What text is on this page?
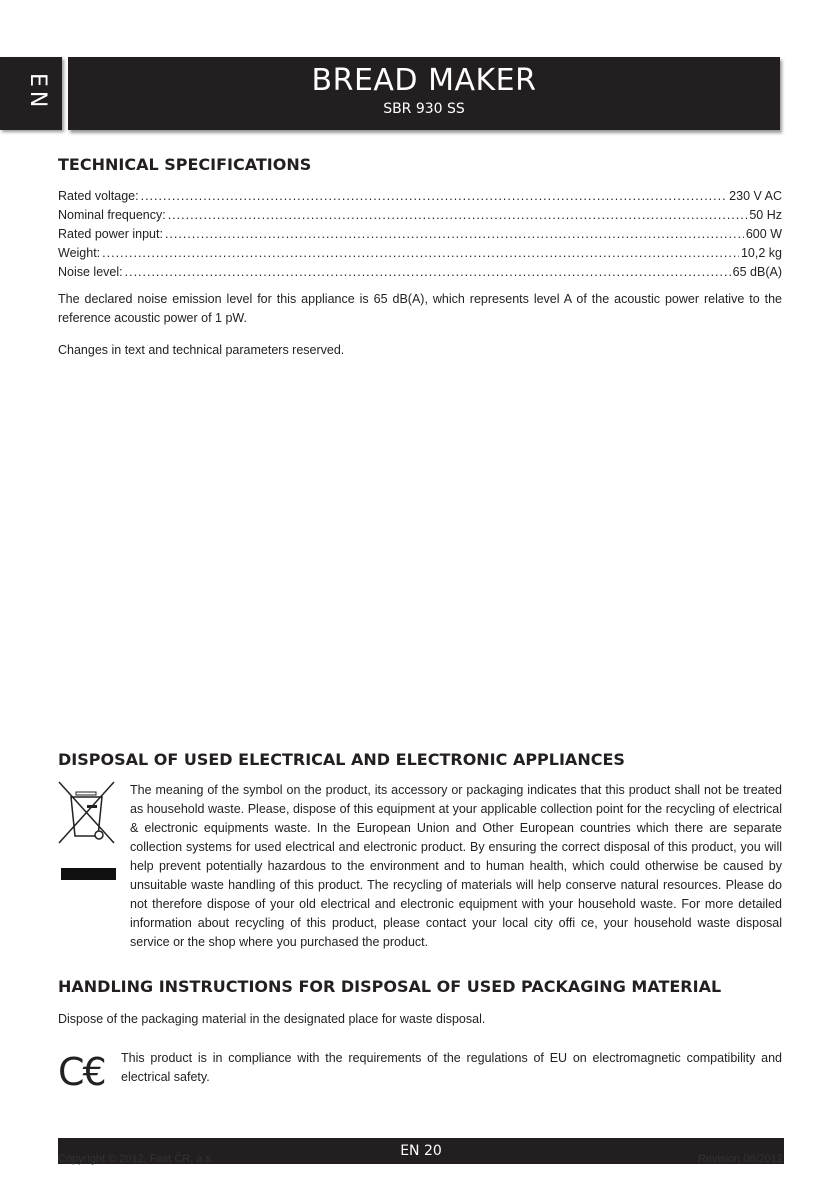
EN	BREAD MAKER
SBR 930 SS
TECHNICAL SPECIFICATIONS
Rated voltage: .....	230 V AC
Nominal frequency: .....	50 Hz
Rated power input: .....	600 W
Weight: .....	10,2 kg
Noise level: .....	65 dB(A)

The declared noise emission level for this appliance is 65 dB(A), which represents level A of the acoustic power relative to the reference acoustic power of 1 pW.

Changes in text and technical parameters reserved.

DISPOSAL OF USED ELECTRICAL AND ELECTRONIC APPLIANCES

The meaning of the symbol on the product, its accessory or packaging indicates that this product shall not be treated as household waste. Please, dispose of this equipment at your applicable collection point for the recycling of electrical & electronic equipments waste. In the European Union and Other European countries which there are separate collection systems for used electrical and electronic product. By ensuring the correct disposal of this product, you will help prevent potentially hazardous to the environment and to human health, which could otherwise be caused by unsuitable waste handling of this product. The recycling of materials will help conserve natural resources. Please do not therefore dispose of your old electrical and electronic equipment with your household waste. For more detailed information about recycling of this product, please contact your local city offi ce, your household waste disposal service or the shop where you purchased the product.

HANDLING INSTRUCTIONS FOR DISPOSAL OF USED PACKAGING MATERIAL

Dispose of the packaging material in the designated place for waste disposal.

C€ This product is in compliance with the requirements of the regulations of EU on electromagnetic compatibility and electrical safety.

EN 20
Copyright © 2012, Fast ČR, a.s.	Revision 06/2012
